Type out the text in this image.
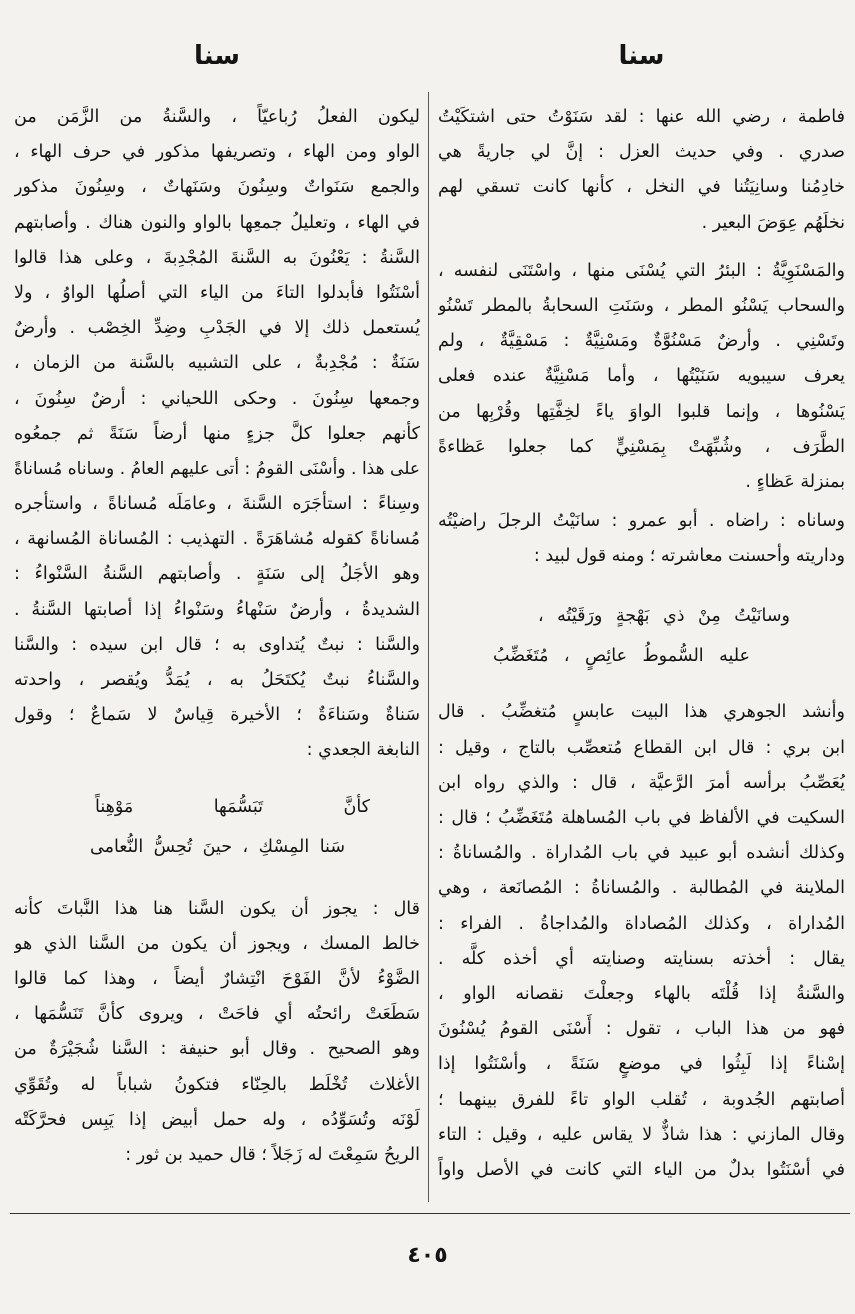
سنا
سنا
فاطمة ، رضي الله عنها : لقد سَنَوْتُ حتى اشتكَيْتُ
صدري . وفي حديث العزل : إنَّ لي جاريةً هي
خادِمُنا وسانِيَتُنا في النخل ، كأنها كانت تسقي لهم
نخلَهُم عِوَضَ البعير .
والمَسْنَوِيَّةُ : البئرُ التي يُسْنَى منها ، واسْتَنَى لنفسه ،
والسحاب يَسْنُو المطر ، وسَنَتِ السحابةُ بالمطر تَسْنُو
وتَسْنِي . وأرضٌ مَسْنُوَّةٌ ومَسْنِيَّةٌ : مَسْقِيَّةٌ ، ولم
يعرف سيبويه سَنَيْتُها ، وأما مَسْنِيَّةٌ عنده فعلى
يَسْنُوها ، وإنما قلبوا الواوَ ياءً لخِفَّتِها وقُرْبِها من
الطَّرَف ، وشُبِّهَتْ بِمَسْنِيٍّ كما جعلوا عَظاءةً
بمنزلة عَظاءٍ .
وساناه : راضاه . أبو عمرو : سانَيْتُ الرجلَ راضيْتُه
وداريته وأحسنت معاشرته ؛ ومنه قول لبيد :
وسانَيْتُ مِنْ ذي بَهْجةٍ ورَقَيْتُه ،
عليه السُّموطُ عائِصٍ ، مُتَغَضِّبُ
وأنشد الجوهري هذا البيت عابسٍ مُتغضِّبُ . قال
ابن بري : قال ابن القطاع مُتعصِّب بالتاج ، وقيل :
يُعَصِّبُ برأسه أمرَ الرَّعيَّة ، قال : والذي رواه ابن
السكيت في الألفاظ في باب المُساهلة مُتَغَضِّبُ ؛ قال :
وكذلك أنشده أبو عبيد في باب المُداراة . والمُساناةُ :
الملاينة في المُطالبة . والمُساناةُ : المُصانَعة ، وهي
المُداراة ، وكذلك المُصاداة والمُداجاةُ . الفراء :
يقال : أخذته بسنايته وصنايته أي أخذه كلَّه .
والسَّنةُ إذا قُلْتَه بالهاء وجعلْتَ نقصانه الواو ،
فهو من هذا الباب ، تقول : أَسْنَى القومُ يُسْنُونَ
إسْناءً إذا لَبِثُوا في موضعٍ سَنَةً ، وأسْنَتُوا إذا
أصابتهم الجُدوبة ، تُقلب الواو تاءً للفرق بينهما ؛
وقال المازني : هذا شاذٌّ لا يقاس عليه ، وقيل : التاء
في أسْنَتُوا بدلٌ من الياء التي كانت في الأصل واواً
ليكون الفعلُ رُباعيّاً ، والسَّنةُ من الزَّمَن من
الواو ومن الهاء ، وتصريفها مذكور في حرف الهاء ،
والجمع سَنَواتٌ وسِنُونَ وسَنَهاتٌ ، وسِنُونَ مذكور
في الهاء ، وتعليلُ جمعِها بالواو والنون هناك . وأصابتهم
السَّنةُ : يَعْنُونَ به السَّنةَ المُجْدِبةَ ، وعلى هذا قالوا
أسْنَتُوا فأبدلوا التاءَ من الياء التي أصلُها الواوُ ، ولا
يُستعمل ذلك إلا في الجَدْبِ وضِدِّ الخِصْب . وأرضٌ
سَنَةٌ : مُجْدِبةٌ ، على التشبيه بالسَّنة من الزمان ،
وجمعها سِنُونَ . وحكى اللحياني : أرضٌ سِنُونَ ،
كأنهم جعلوا كلَّ جزءٍ منها أرضاً سَنَةً ثم جمعُوه
على هذا . وأسْنَى القومُ : أتى عليهم العامُ . وساناه مُساناةً
وسِناءً : استأجَرَه السَّنةَ ، وعامَلَه مُساناةً ، واستأجره
مُساناةً كقوله مُشاهَرَةً . التهذيب : المُساناة المُسانهة ،
وهو الأجَلُ إلى سَنَةٍ . وأصابتهم السَّنةُ السَّنْواءُ :
الشديدةُ ، وأرضٌ سَنْهاءُ وسَنْواءُ إذا أصابتها السَّنةُ .
والسَّنا : نبتٌ يُتداوى به ؛ قال ابن سيده : والسَّنا
والسَّناءُ نبتٌ يُكتَحَلُ به ، يُمَدُّ ويُقصر ، واحدته
سَناةٌ وسَناءَةٌ ؛ الأخيرة قِياسٌ لا سَماعٌ ؛ وقول
النابغة الجعدي :
كأنَّ تَبَسُّمَها مَوْهِناً
سَنا المِسْكِ ، حينَ تُحِسُّ النُّعامى
قال : يجوز أن يكون السَّنا هنا هذا النَّباتَ كأنه
خالط المسك ، ويجوز أن يكون من السَّنا الذي هو
الضَّوْءُ لأنَّ الفَوْحَ انْتِشارٌ أيضاً ، وهذا كما قالوا
سَطَعَتْ رائحتُه أي فاحَتْ ، ويروى كأنَّ تَنَسُّمَها ،
وهو الصحيح . وقال أبو حنيفة : السَّنا شُجَيْرَةٌ من
الأغلاث تُخْلَط بالحِنّاء فتكونُ شباباً له وتُقَوِّي
لَوْنَه وتُسَوِّدُه ، وله حمل أبيض إذا يَبِس فحرَّكَتْه
الريحُ سَمِعْتَ له زَجَلاً ؛ قال حميد بن ثور :
٤٠٥
